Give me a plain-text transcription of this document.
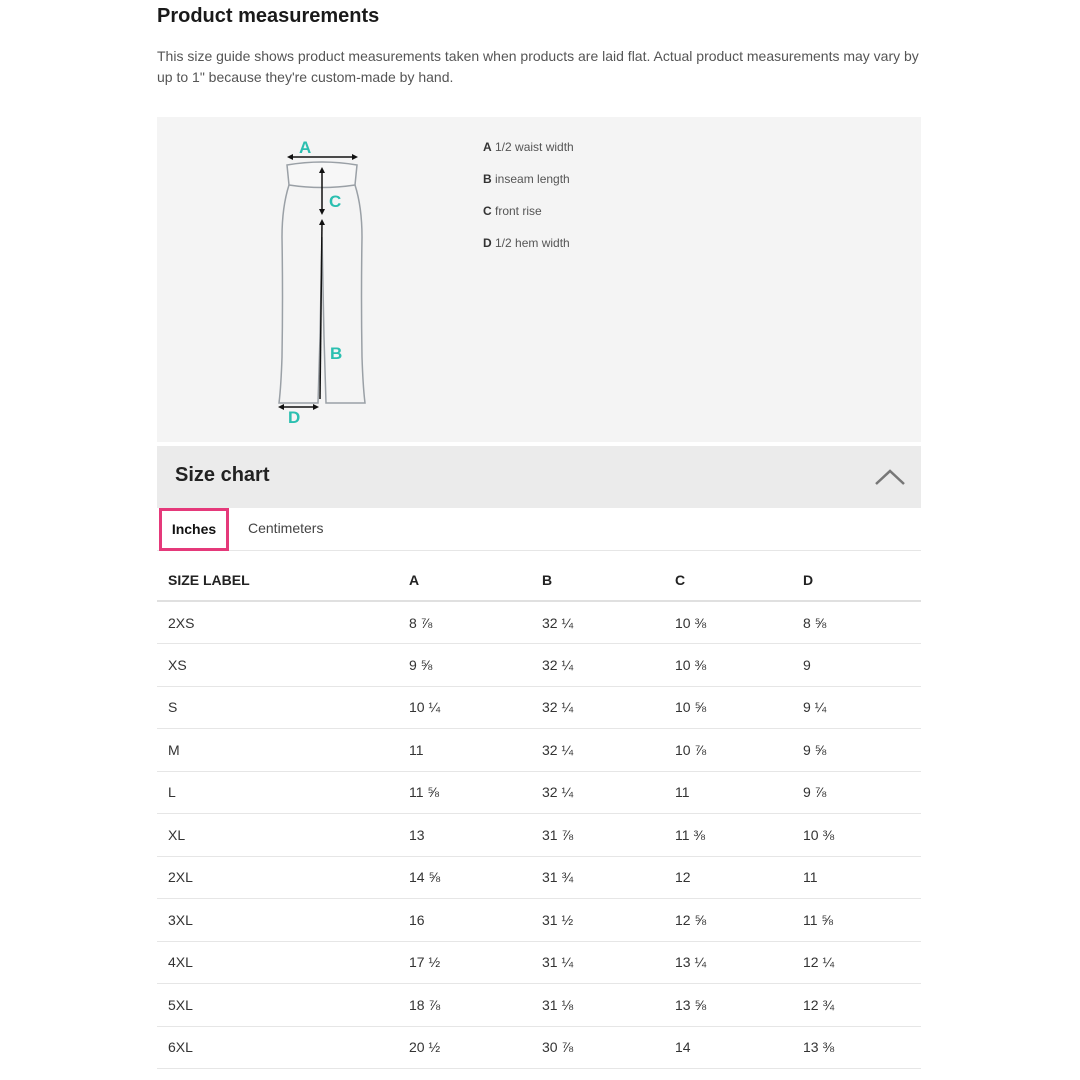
Product measurements

This size guide shows product measurements taken when products are laid flat. Actual product measurements may vary by up to 1" because they're custom-made by hand.

A
C
B
D
A 1/2 waist width
B inseam length
C front rise
D 1/2 hem width
Size chart
Inches	Centimeters
SIZE LABEL	A	B	C	D
2XS	8 ⅞	32 ¼	10 ⅜	8 ⅝
XS	9 ⅝	32 ¼	10 ⅜	9
S	10 ¼	32 ¼	10 ⅝	9 ¼
M	11	32 ¼	10 ⅞	9 ⅝
L	11 ⅝	32 ¼	11	9 ⅞
XL	13	31 ⅞	11 ⅜	10 ⅜
2XL	14 ⅝	31 ¾	12	11
3XL	16	31 ½	12 ⅝	11 ⅝
4XL	17 ½	31 ¼	13 ¼	12 ¼
5XL	18 ⅞	31 ⅛	13 ⅝	12 ¾
6XL	20 ½	30 ⅞	14	13 ⅜
